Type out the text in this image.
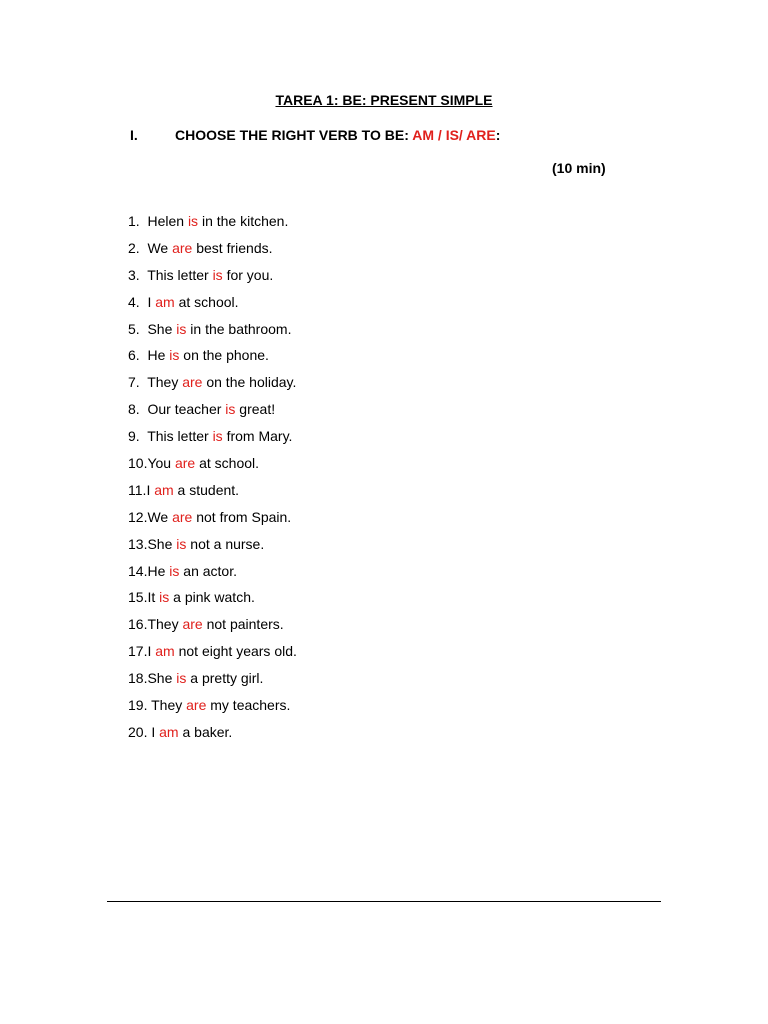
TAREA 1: BE: PRESENT SIMPLE
I.	CHOOSE THE RIGHT VERB TO BE: AM / IS/ ARE:
(10 min)
1.  Helen is in the kitchen.
2.  We are best friends.
3.  This letter is for you.
4.  I am at school.
5.  She is in the bathroom.
6.  He is on the phone.
7.  They are on the holiday.
8.  Our teacher is great!
9.  This letter is from Mary.
10.You are at school.
11.I am a student.
12.We are not from Spain.
13.She is not a nurse.
14.He is an actor.
15.It is a pink watch.
16.They are not painters.
17.I am not eight years old.
18.She is a pretty girl.
19. They are my teachers.
20. I am a baker.
